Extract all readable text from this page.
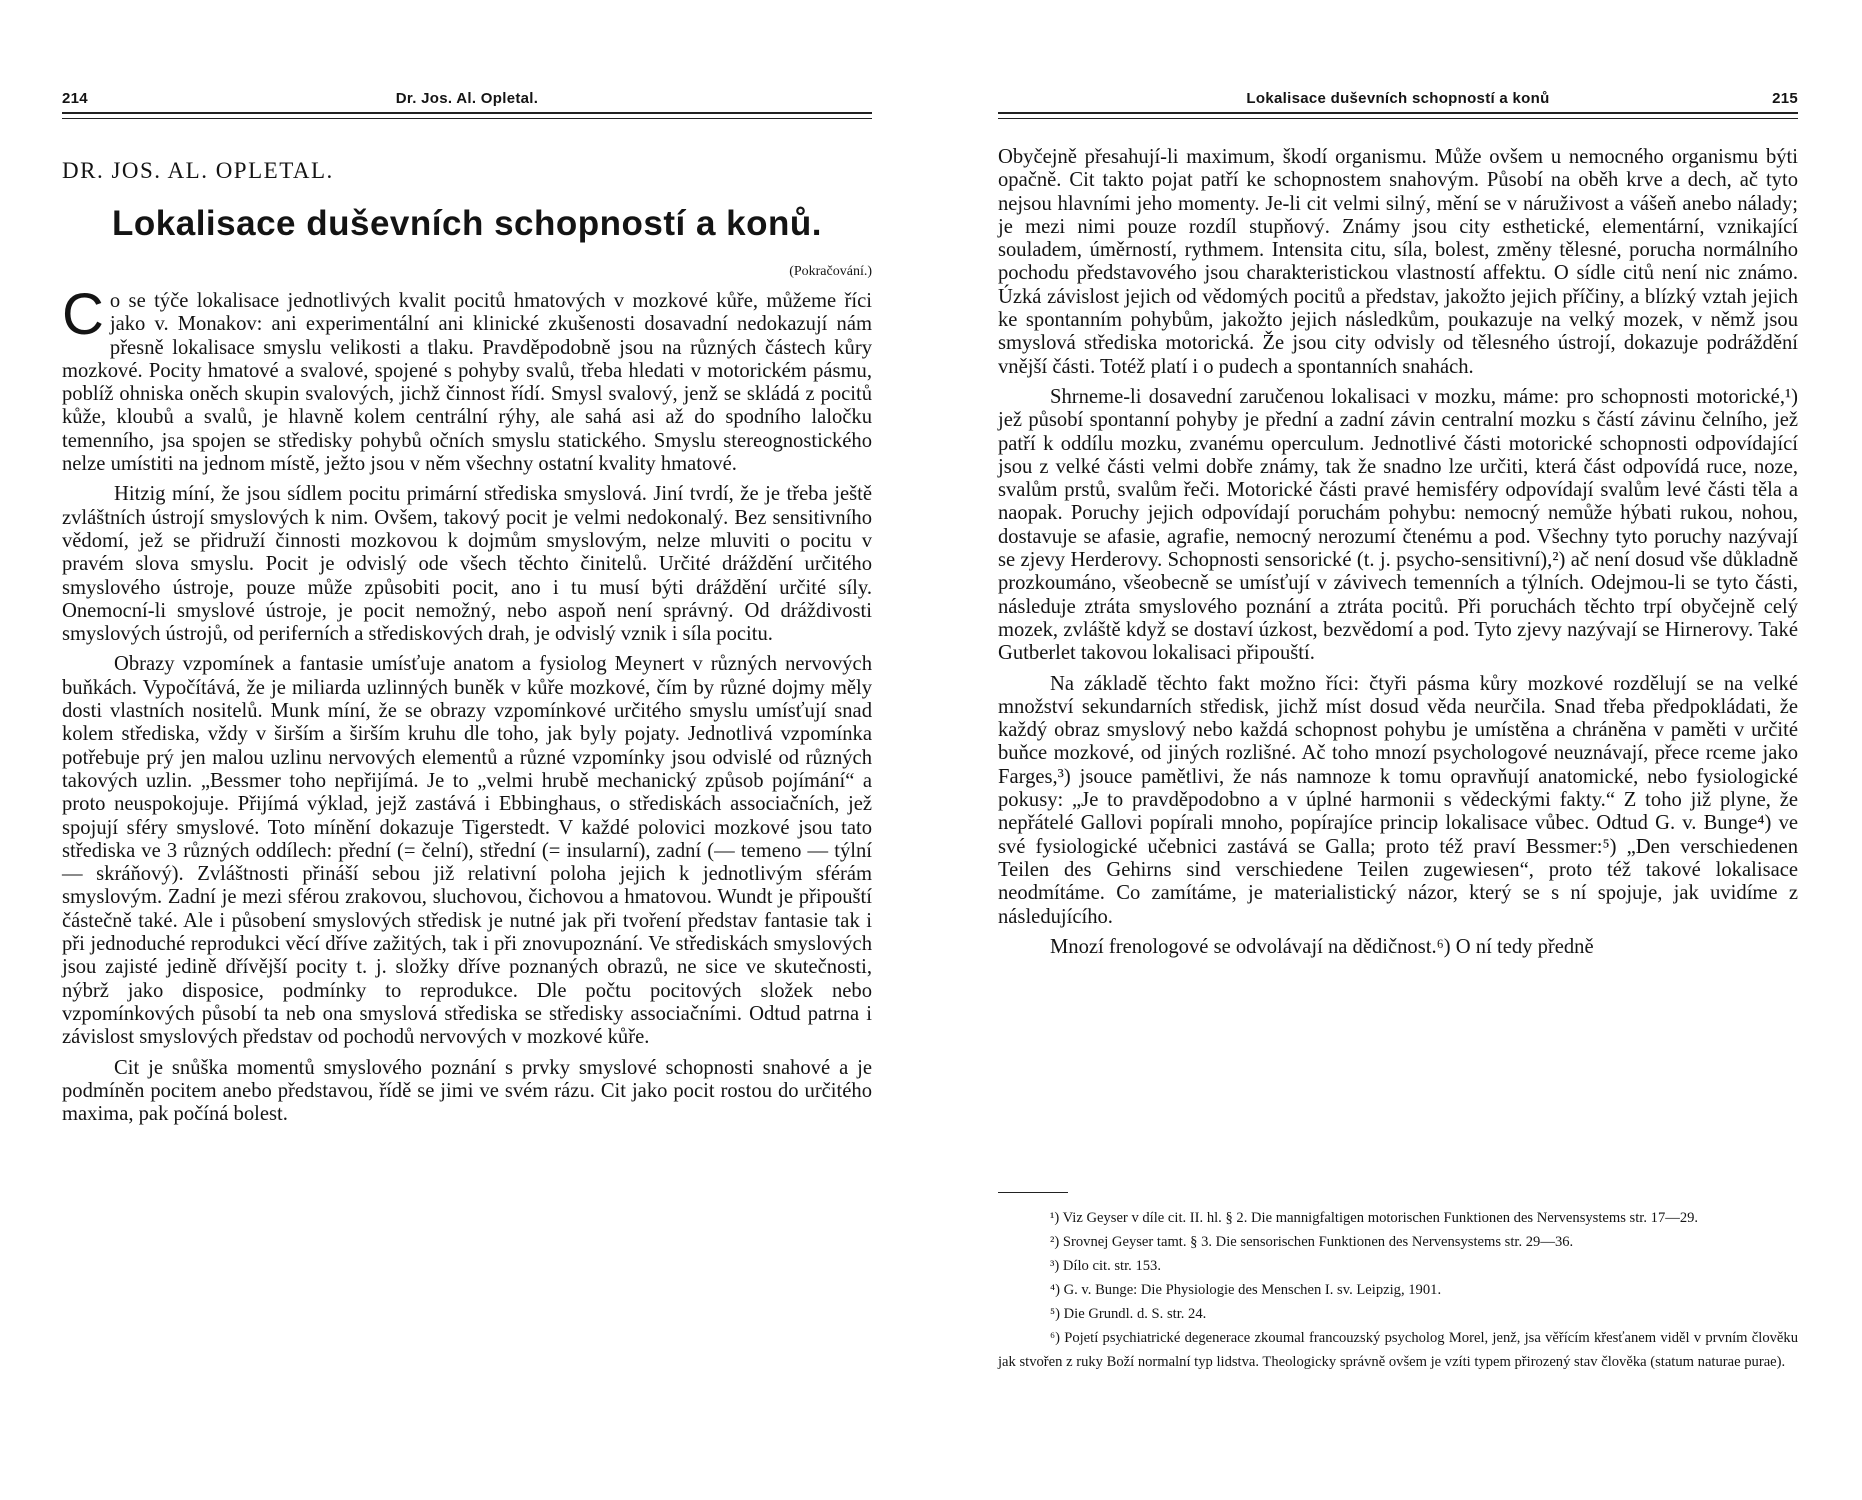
214	Dr. Jos. Al. Opletal.
DR. JOS. AL. OPLETAL.
Lokalisace duševních schopností a konů.
(Pokračování.)

Co se týče lokalisace jednotlivých kvalit pocitů hmatových v mozkové kůře, můžeme říci jako v. Monakov: ani experimentální ani klinické zkušenosti dosavadní nedokazují nám přesně lokalisace smyslu velikosti a tlaku. Pravděpodobně jsou na různých částech kůry mozkové. Pocity hmatové a svalové, spojené s pohyby svalů, třeba hledati v motorickém pásmu, poblíž ohniska oněch skupin svalových, jichž činnost řídí. Smysl svalový, jenž se skládá z pocitů kůže, kloubů a svalů, je hlavně kolem centrální rýhy, ale sahá asi až do spodního laločku temenního, jsa spojen se středisky pohybů očních smyslu statického. Smyslu stereognostického nelze umístiti na jednom místě, ježto jsou v něm všechny ostatní kvality hmatové.

Hitzig míní, že jsou sídlem pocitu primární střediska smyslová. Jiní tvrdí, že je třeba ještě zvláštních ústrojí smyslových k nim. Ovšem, takový pocit je velmi nedokonalý. Bez sensitivního vědomí, jež se přidruží činnosti mozkovou k dojmům smyslovým, nelze mluviti o pocitu v pravém slova smyslu. Pocit je odvislý ode všech těchto činitelů. Určité dráždění určitého smyslového ústroje, pouze může způsobiti pocit, ano i tu musí býti dráždění určité síly. Onemocní-li smyslové ústroje, je pocit nemožný, nebo aspoň není správný. Od dráždivosti smyslových ústrojů, od periferních a střediskových drah, je odvislý vznik i síla pocitu.

Obrazy vzpomínek a fantasie umísťuje anatom a fysiolog Meynert v různých nervových buňkách. Vypočítává, že je miliarda uzlinných buněk v kůře mozkové, čím by různé dojmy měly dosti vlastních nositelů. Munk míní, že se obrazy vzpomínkové určitého smyslu umísťují snad kolem střediska, vždy v širším a širším kruhu dle toho, jak byly pojaty. Jednotlivá vzpomínka potřebuje prý jen malou uzlinu nervových elementů a různé vzpomínky jsou odvislé od různých takových uzlin. „Bessmer toho nepřijímá. Je to „velmi hrubě mechanický způsob pojímání“ a proto neuspokojuje. Přijímá výklad, jejž zastává i Ebbinghaus, o střediskách associačních, jež spojují sféry smyslové. Toto mínění dokazuje Tigerstedt. V každé polovici mozkové jsou tato střediska ve 3 různých oddílech: přední (= čelní), střední (= insularní), zadní (— temeno — týlní — skráňový). Zvláštnosti přináší sebou již relativní poloha jejich k jednotlivým sférám smyslovým. Zadní je mezi sférou zrakovou, sluchovou, čichovou a hmatovou. Wundt je připouští částečně také. Ale i působení smyslových středisk je nutné jak při tvoření představ fantasie tak i při jednoduché reprodukci věcí dříve zažitých, tak i při znovupoznání. Ve střediskách smyslových jsou zajisté jedině dřívější pocity t. j. složky dříve poznaných obrazů, ne sice ve skutečnosti, nýbrž jako disposice, podmínky to reprodukce. Dle počtu pocitových složek nebo vzpomínkových působí ta neb ona smyslová střediska se středisky associačními. Odtud patrna i závislost smyslových představ od pochodů nervových v mozkové kůře.

Cit je snůška momentů smyslového poznání s prvky smyslové schopnosti snahové a je podmíněn pocitem anebo představou, řídě se jimi ve svém rázu. Cit jako pocit rostou do určitého maxima, pak počíná bolest.

Lokalisace duševních schopností a konů	215

Obyčejně přesahují-li maximum, škodí organismu. Může ovšem u nemocného organismu býti opačně. Cit takto pojat patří ke schopnostem snahovým. Působí na oběh krve a dech, ač tyto nejsou hlavními jeho momenty. Je-li cit velmi silný, mění se v náruživost a vášeň anebo nálady; je mezi nimi pouze rozdíl stupňový. Známy jsou city esthetické, elementární, vznikající souladem, úměrností, rythmem. Intensita citu, síla, bolest, změny tělesné, porucha normálního pochodu představového jsou charakteristickou vlastností affektu. O sídle citů není nic známo. Úzká závislost jejich od vědomých pocitů a představ, jakožto jejich příčiny, a blízký vztah jejich ke spontanním pohybům, jakožto jejich následkům, poukazuje na velký mozek, v němž jsou smyslová střediska motorická. Že jsou city odvisly od tělesného ústrojí, dokazuje podráždění vnější části. Totéž platí i o pudech a spontanních snahách.

Shrneme-li dosavední zaručenou lokalisaci v mozku, máme: pro schopnosti motorické,¹) jež působí spontanní pohyby je přední a zadní závin centralní mozku s částí závinu čelního, jež patří k oddílu mozku, zvanému operculum. Jednotlivé části motorické schopnosti odpovídající jsou z velké části velmi dobře známy, tak že snadno lze určiti, která část odpovídá ruce, noze, svalům prstů, svalům řeči. Motorické části pravé hemisféry odpovídají svalům levé části těla a naopak. Poruchy jejich odpovídají poruchám pohybu: nemocný nemůže hýbati rukou, nohou, dostavuje se afasie, agrafie, nemocný nerozumí čtenému a pod. Všechny tyto poruchy nazývají se zjevy Herderovy. Schopnosti sensorické (t. j. psycho-sensitivní),²) ač není dosud vše důkladně prozkoumáno, všeobecně se umísťují v závivech temenních a týlních. Odejmou-li se tyto části, následuje ztráta smyslového poznání a ztráta pocitů. Při poruchách těchto trpí obyčejně celý mozek, zvláště když se dostaví úzkost, bezvědomí a pod. Tyto zjevy nazývají se Hirnerovy. Také Gutberlet takovou lokalisaci připouští.

Na základě těchto fakt možno říci: čtyři pásma kůry mozkové rozdělují se na velké množství sekundarních středisk, jichž míst dosud věda neurčila. Snad třeba předpokládati, že každý obraz smyslový nebo každá schopnost pohybu je umístěna a chráněna v paměti v určité buňce mozkové, od jiných rozlišné. Ač toho mnozí psychologové neuznávají, přece rceme jako Farges,³) jsouce pamětlivi, že nás namnoze k tomu opravňují anatomické, nebo fysiologické pokusy: „Je to pravděpodobno a v úplné harmonii s vědeckými fakty.“ Z toho již plyne, že nepřátelé Gallovi popírali mnoho, popírajíce princip lokalisace vůbec. Odtud G. v. Bunge⁴) ve své fysiologické učebnici zastává se Galla; proto též praví Bessmer:⁵) „Den verschiedenen Teilen des Gehirns sind verschiedene Teilen zugewiesen“, proto též takové lokalisace neodmítáme. Co zamítáme, je materialistický názor, který se s ní spojuje, jak uvidíme z následujícího.

Mnozí frenologové se odvolávají na dědičnost.⁶) O ní tedy předně

¹) Viz Geyser v díle cit. II. hl. § 2. Die mannigfaltigen motorischen Funktionen des Nervensystems str. 17—29.

²) Srovnej Geyser tamt. § 3. Die sensorischen Funktionen des Nervensystems str. 29—36.

³) Dílo cit. str. 153.

⁴) G. v. Bunge: Die Physiologie des Menschen I. sv. Leipzig, 1901.

⁵) Die Grundl. d. S. str. 24.

⁶) Pojetí psychiatrické degenerace zkoumal francouzský psycholog Morel, jenž, jsa věřícím křesťanem viděl v prvním člověku jak stvořen z ruky Boží normalní typ lidstva. Theologicky správně ovšem je vzíti typem přirozený stav člověka (statum naturae purae).
